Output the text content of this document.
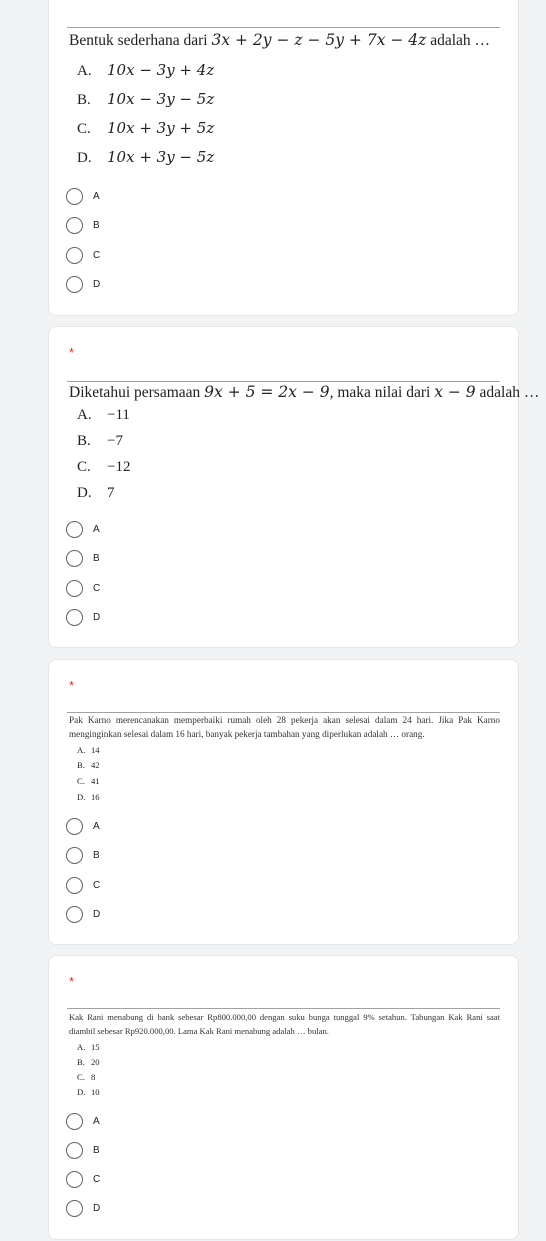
Bentuk sederhana dari 3x + 2y − z − 5y + 7x − 4z adalah …
A. 10x − 3y + 4z
B. 10x − 3y − 5z
C. 10x + 3y + 5z
D. 10x + 3y − 5z
A
B
C
D
*
Diketahui persamaan 9x + 5 = 2x − 9, maka nilai dari x − 9 adalah …
A. −11
B. −7
C. −12
D. 7
A
B
C
D
*
Pak Karno merencanakan memperbaiki rumah oleh 28 pekerja akan selesai dalam 24 hari. Jika Pak Karno menginginkan selesai dalam 16 hari, banyak pekerja tambahan yang diperlukan adalah … orang.
A. 14
B. 42
C. 41
D. 16
A
B
C
D
*
Kak Rani menabung di bank sebesar Rp800.000,00 dengan suku bunga tunggal 9% setahun. Tabungan Kak Rani saat diambil sebesar Rp920.000,00. Lama Kak Rani menabung adalah … bulan.
A. 15
B. 20
C. 8
D. 10
A
B
C
D
